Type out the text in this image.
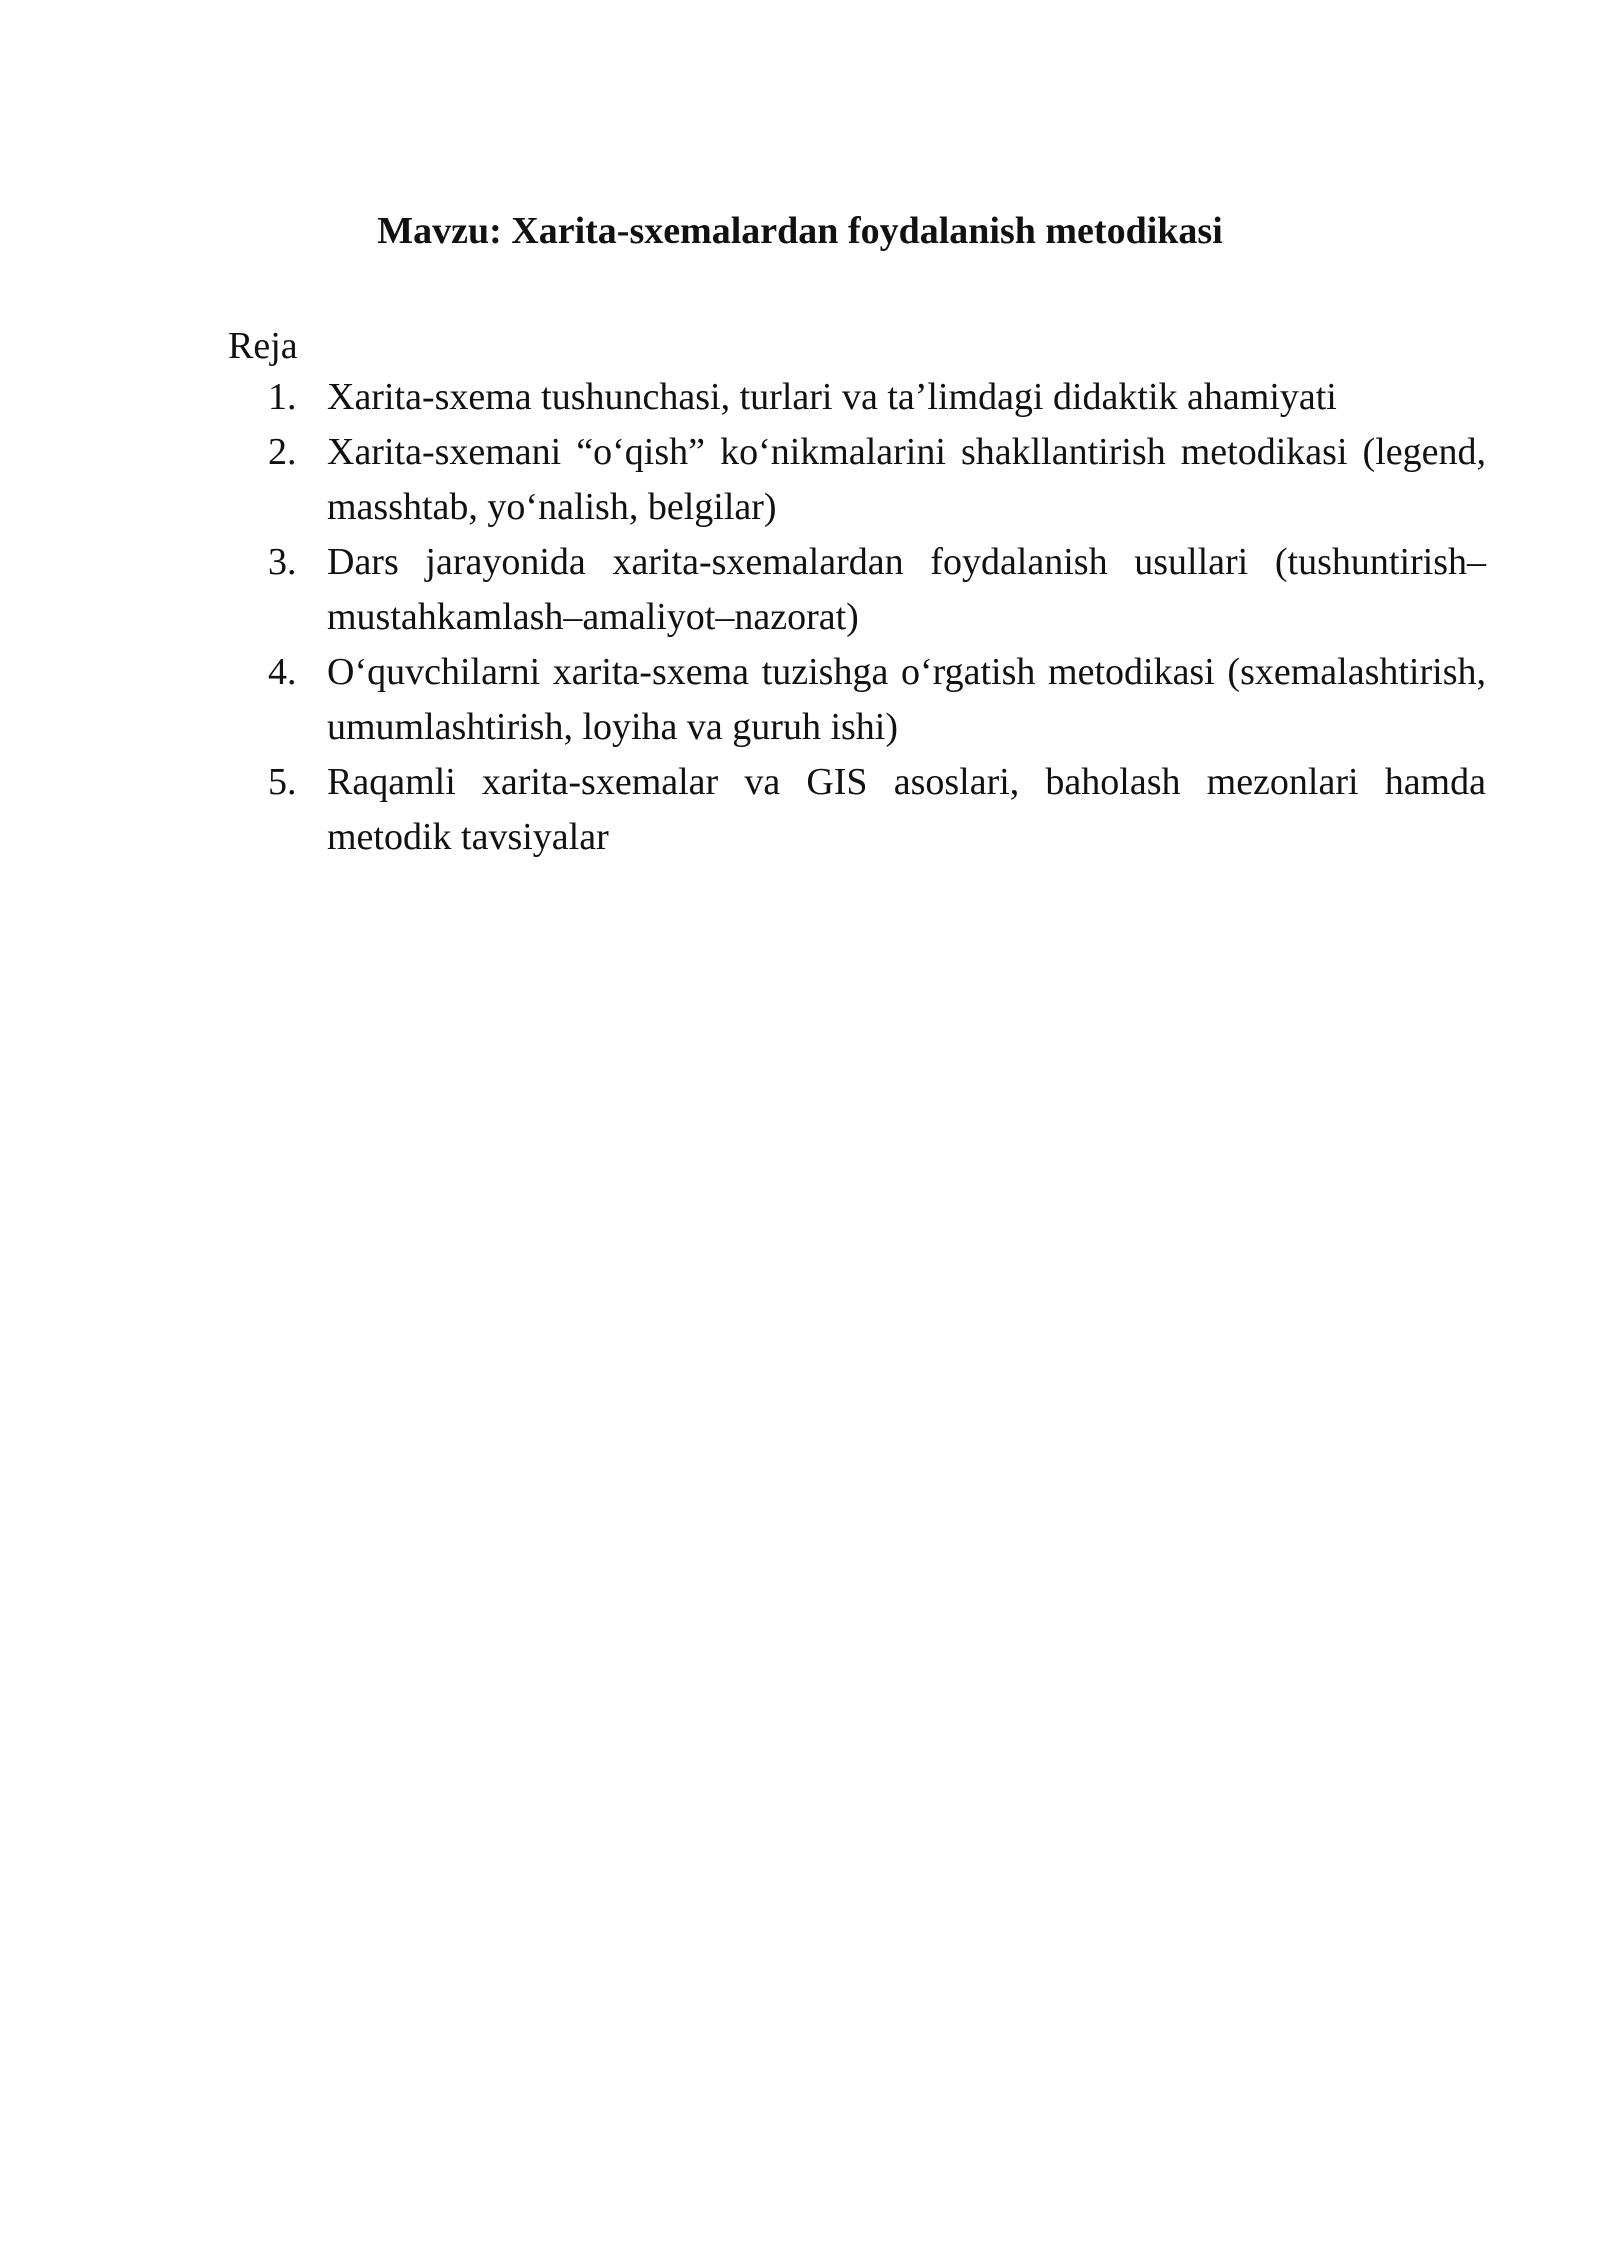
Mavzu: Xarita-sxemalardan foydalanish metodikasi
Reja
1. Xarita-sxema tushunchasi, turlari va ta’limdagi didaktik ahamiyati
2. Xarita-sxemani “o‘qish” ko‘nikmalarini shakllantirish metodikasi (legend, masshtab, yo‘nalish, belgilar)
3. Dars jarayonida xarita-sxemalardan foydalanish usullari (tushuntirish–mustahkamlash–amaliyot–nazorat)
4. O‘quvchilarni xarita-sxema tuzishga o‘rgatish metodikasi (sxemalashtirish, umumlashtirish, loyiha va guruh ishi)
5. Raqamli xarita-sxemalar va GIS asoslari, baholash mezonlari hamda metodik tavsiyalar
